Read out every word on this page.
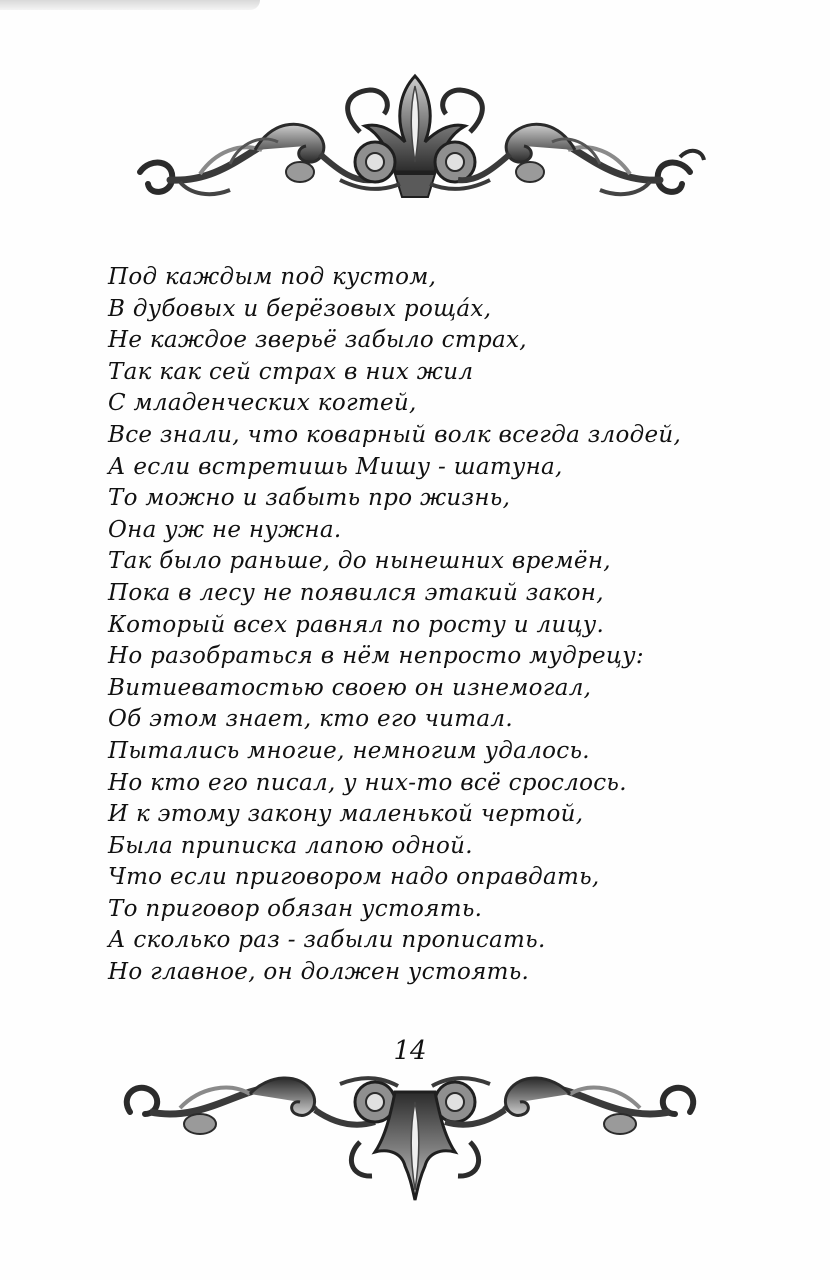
Под каждым под кустом,
В дубовых и берёзовых роща́х,
Не каждое зверьё забыло страх,
Так как сей страх в них жил
С младенческих когтей,
Все знали, что коварный волк всегда злодей,
А если встретишь Мишу - шатуна,
То можно и забыть про жизнь,
Она уж не нужна.
Так было раньше, до нынешних времён,
Пока в лесу не появился этакий закон,
Который всех равнял по росту и лицу.
Но разобраться в нём непросто мудрецу:
Витиеватостью своею он изнемогал,
Об этом знает, кто его читал.
Пытались многие, немногим удалось.
Но кто его писал, у них-то всё срослось.
И к этому закону маленькой чертой,
Была приписка лапою одной.
Что если приговором надо оправдать,
То приговор обязан устоять.
А сколько раз - забыли прописать.
Но главное, он должен устоять.
14
